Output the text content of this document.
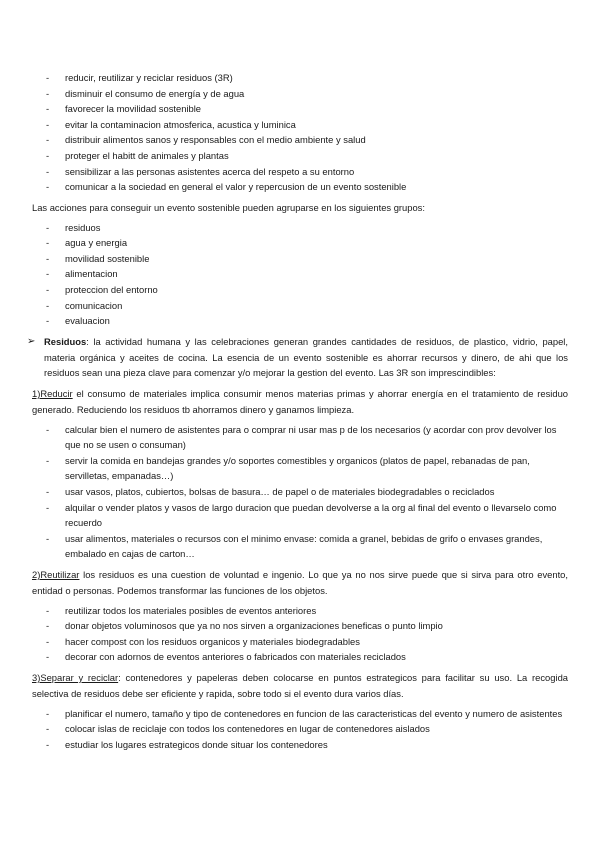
- reducir, reutilizar y reciclar residuos (3R)
- disminuir el consumo de energía y de agua
- favorecer la movilidad sostenible
- evitar la contaminacion atmosferica, acustica y luminica
- distribuir alimentos sanos y responsables con el medio ambiente y salud
- proteger el habitt de animales y plantas
- sensibilizar a las personas asistentes acerca del respeto a su entorno
- comunicar a la sociedad en general el valor y repercusion de un evento sostenible

Las acciones para conseguir un evento sostenible pueden agruparse en los siguientes grupos:

- residuos
- agua y energia
- movilidad sostenible
- alimentacion
- proteccion del entorno
- comunicacion
- evaluacion
➢ Residuos: la actividad humana y las celebraciones generan grandes cantidades de residuos, de plastico, vidrio, papel, materia orgánica y aceites de cocina. La esencia de un evento sostenible es ahorrar recursos y dinero, de ahi que los residuos sean una pieza clave para comenzar y/o mejorar la gestion del evento. Las 3R son imprescindibles:

1)Reducir el consumo de materiales implica consumir menos materias primas y ahorrar energía en el tratamiento de residuo generado. Reduciendo los residuos tb ahorramos dinero y ganamos limpieza.

- calcular bien el numero de asistentes para o comprar ni usar mas p de los necesarios (y acordar con prov devolver los que no se usen o consuman)
- servir la comida en bandejas grandes y/o soportes comestibles y organicos (platos de papel, rebanadas de pan, servilletas, empanadas…)
- usar vasos, platos, cubiertos, bolsas de basura… de papel o de materiales biodegradables o reciclados
- alquilar o vender platos y vasos de largo duracion que puedan devolverse a la org al final del evento o llevarselo como recuerdo
- usar alimentos, materiales o recursos con el minimo envase: comida a granel, bebidas de grifo o envases grandes, embalado en cajas de carton…

2)Reutilizar los residuos es una cuestion de voluntad e ingenio. Lo que ya no nos sirve puede que si sirva para otro evento, entidad o personas. Podemos transformar las funciones de los objetos.

- reutilizar todos los materiales posibles de eventos anteriores
- donar objetos voluminosos que ya no nos sirven a organizaciones beneficas o punto limpio
- hacer compost con los residuos organicos y materiales biodegradables
- decorar con adornos de eventos anteriores o fabricados con materiales reciclados

3)Separar y reciclar: contenedores y papeleras deben colocarse en puntos estrategicos para facilitar su uso. La recogida selectiva de residuos debe ser eficiente y rapida, sobre todo si el evento dura varios días.

- planificar el numero, tamaño y tipo de contenedores en funcion de las caracteristicas del evento y numero de asistentes
- colocar islas de reciclaje con todos los contenedores en lugar de contenedores aislados
- estudiar los lugares estrategicos donde situar los contenedores
